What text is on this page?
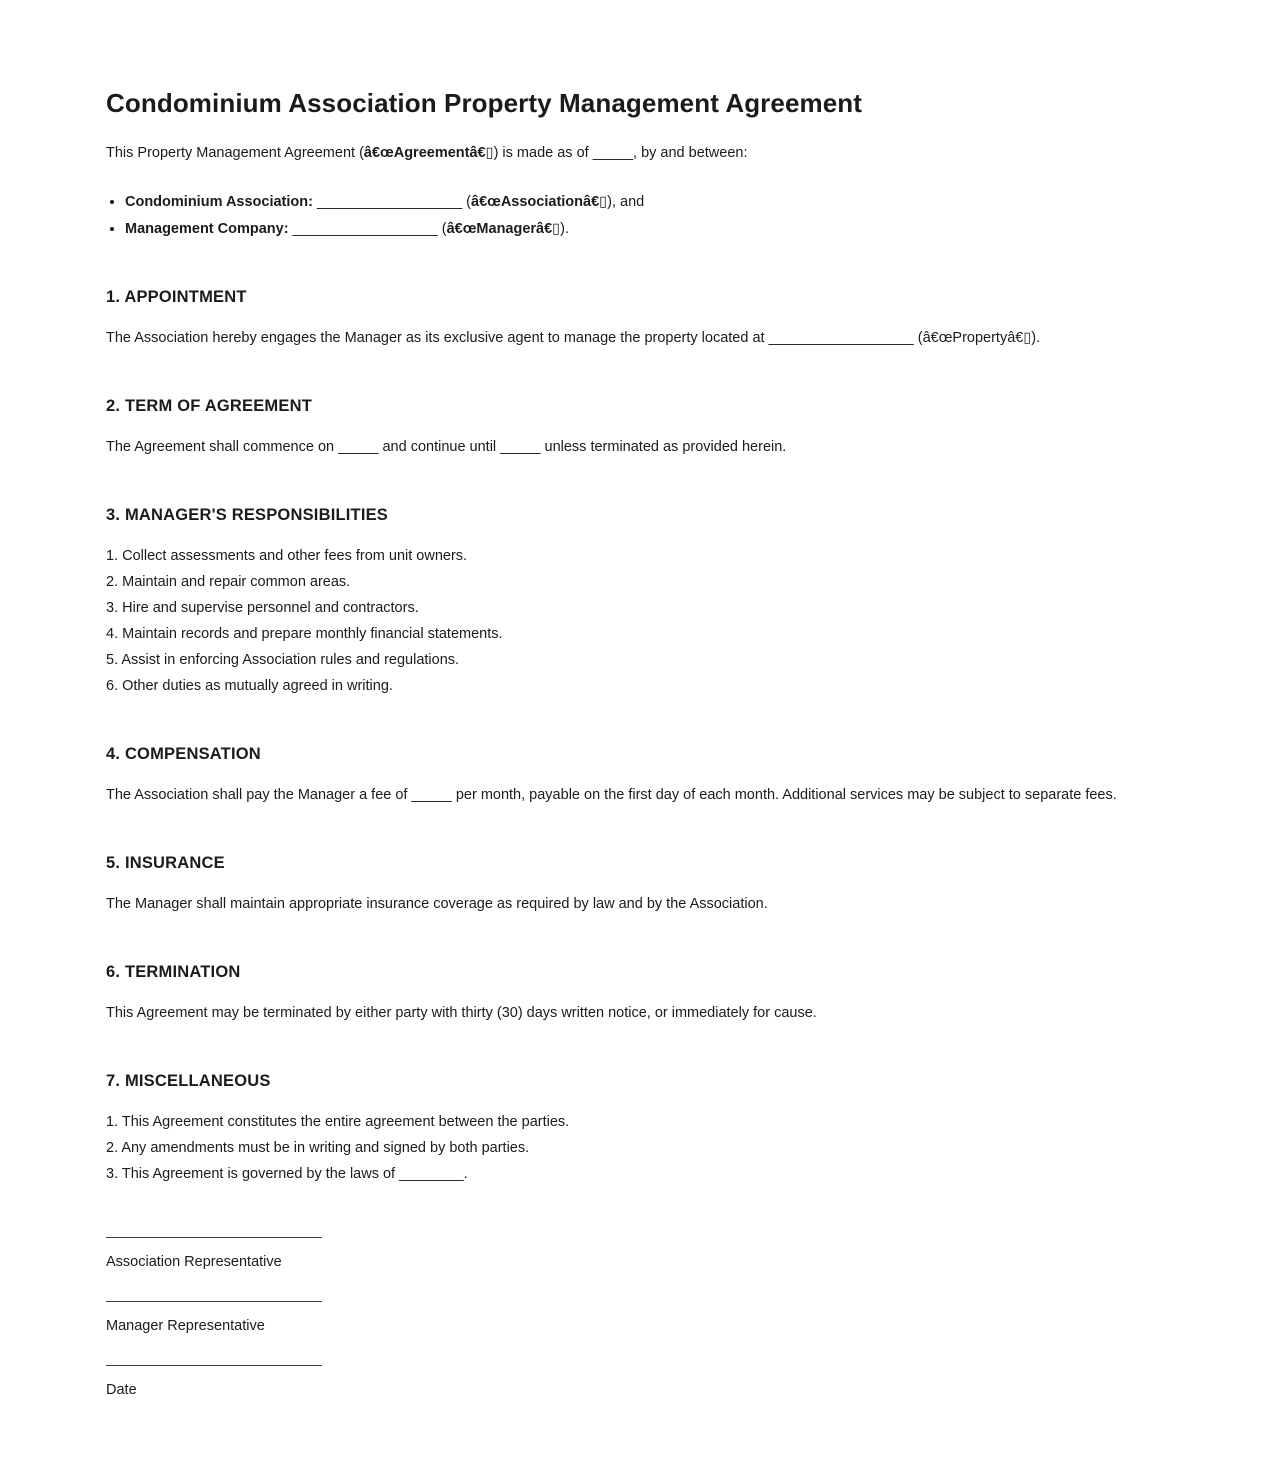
Condominium Association Property Management Agreement

This Property Management Agreement (â€œAgreementâ€▯) is made as of _____, by and between:

• Condominium Association: __________________ (â€œAssociationâ€▯), and
• Management Company: __________________ (â€œManagerâ€▯).
1. APPOINTMENT

The Association hereby engages the Manager as its exclusive agent to manage the property located at __________________ (â€œPropertyâ€▯).

2. TERM OF AGREEMENT

The Agreement shall commence on _____ and continue until _____ unless terminated as provided herein.

3. MANAGER'S RESPONSIBILITIES
1. Collect assessments and other fees from unit owners.
2. Maintain and repair common areas.
3. Hire and supervise personnel and contractors.
4. Maintain records and prepare monthly financial statements.
5. Assist in enforcing Association rules and regulations.
6. Other duties as mutually agreed in writing.
4. COMPENSATION

The Association shall pay the Manager a fee of _____ per month, payable on the first day of each month. Additional services may be subject to separate fees.

5. INSURANCE

The Manager shall maintain appropriate insurance coverage as required by law and by the Association.

6. TERMINATION

This Agreement may be terminated by either party with thirty (30) days written notice, or immediately for cause.

7. MISCELLANEOUS
1. This Agreement constitutes the entire agreement between the parties.
2. Any amendments must be in writing and signed by both parties.
3. This Agreement is governed by the laws of ________.
Association Representative
Manager Representative
Date
